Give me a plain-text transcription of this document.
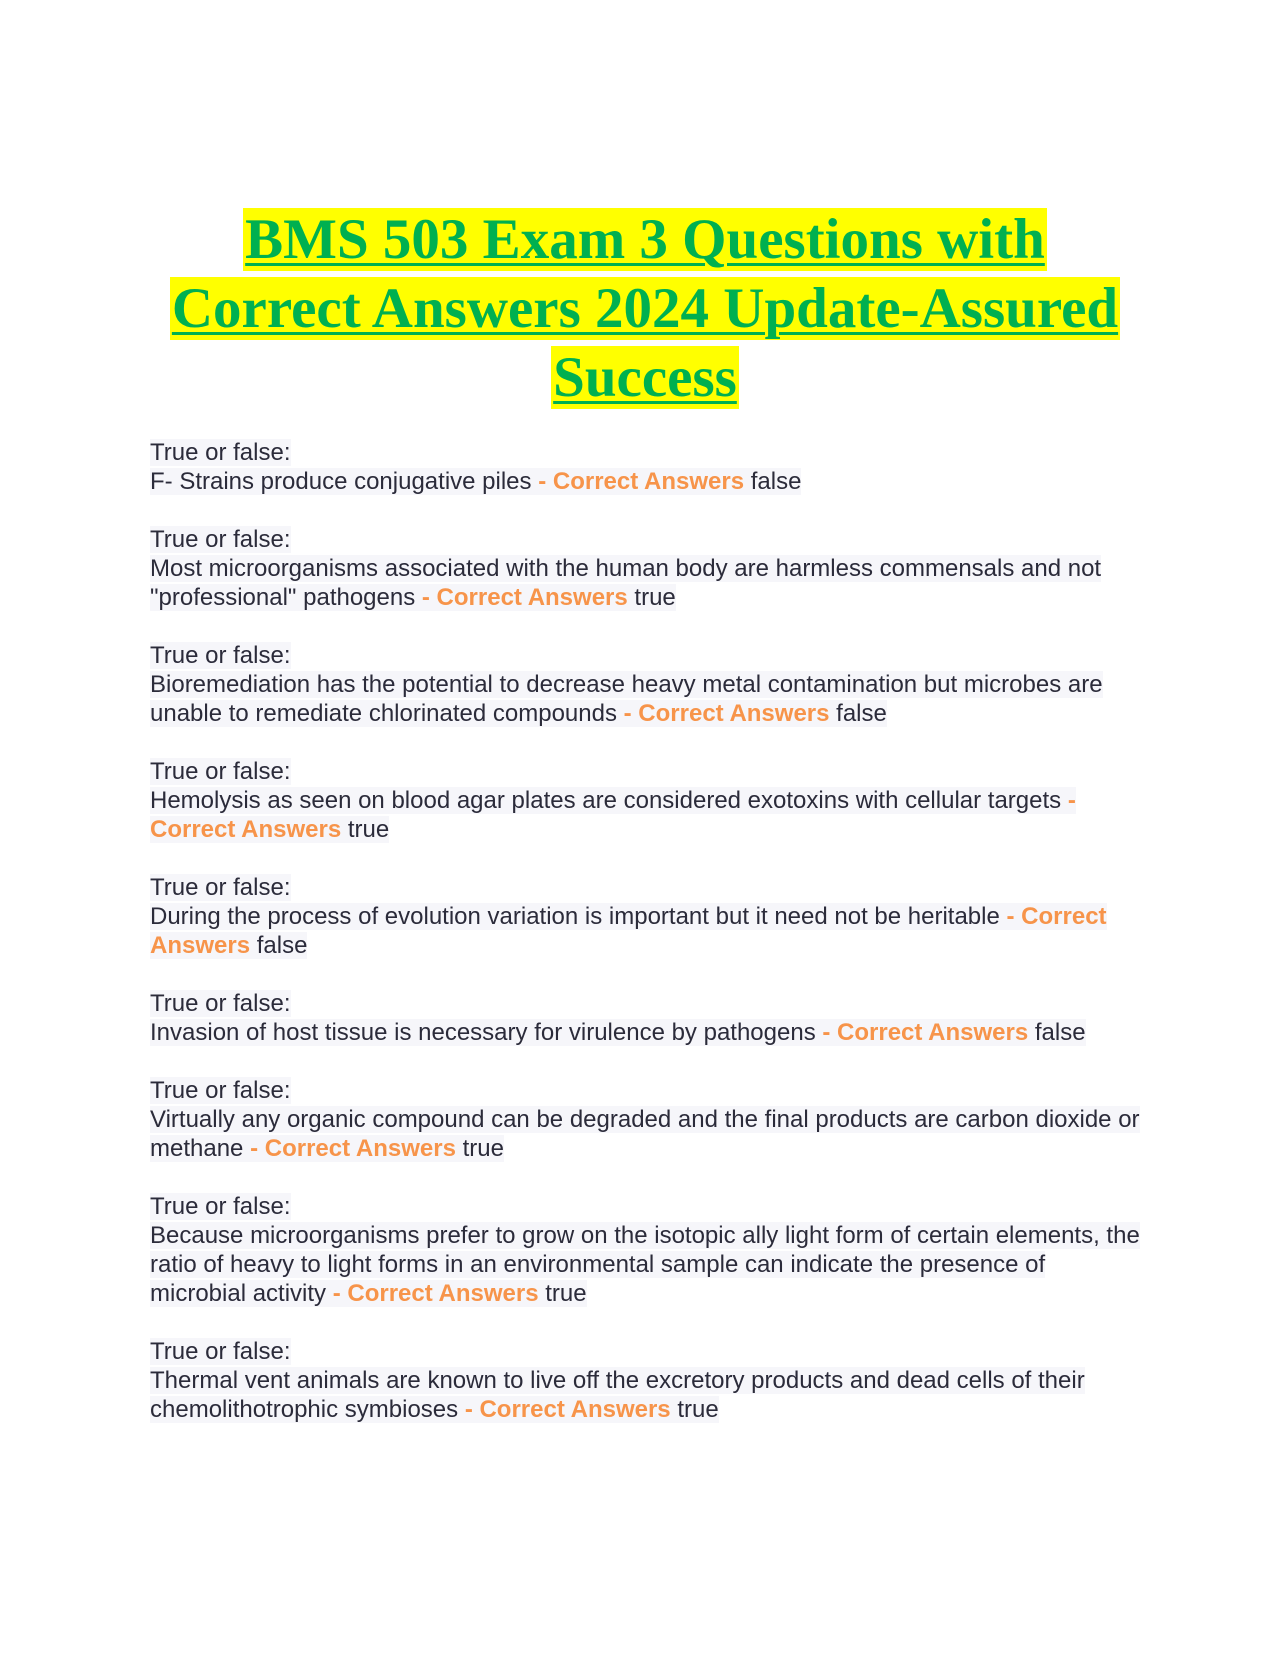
BMS 503 Exam 3 Questions with Correct Answers 2024 Update-Assured Success
True or false:
F- Strains produce conjugative piles - Correct Answers false
True or false:
Most microorganisms associated with the human body are harmless commensals and not "professional" pathogens - Correct Answers true
True or false:
Bioremediation has the potential to decrease heavy metal contamination but microbes are unable to remediate chlorinated compounds - Correct Answers false
True or false:
Hemolysis as seen on blood agar plates are considered exotoxins with cellular targets - Correct Answers true
True or false:
During the process of evolution variation is important but it need not be heritable - Correct Answers false
True or false:
Invasion of host tissue is necessary for virulence by pathogens - Correct Answers false
True or false:
Virtually any organic compound can be degraded and the final products are carbon dioxide or methane - Correct Answers true
True or false:
Because microorganisms prefer to grow on the isotopic ally light form of certain elements, the ratio of heavy to light forms in an environmental sample can indicate the presence of microbial activity - Correct Answers true
True or false:
Thermal vent animals are known to live off the excretory products and dead cells of their chemolithotrophic symbioses - Correct Answers true
